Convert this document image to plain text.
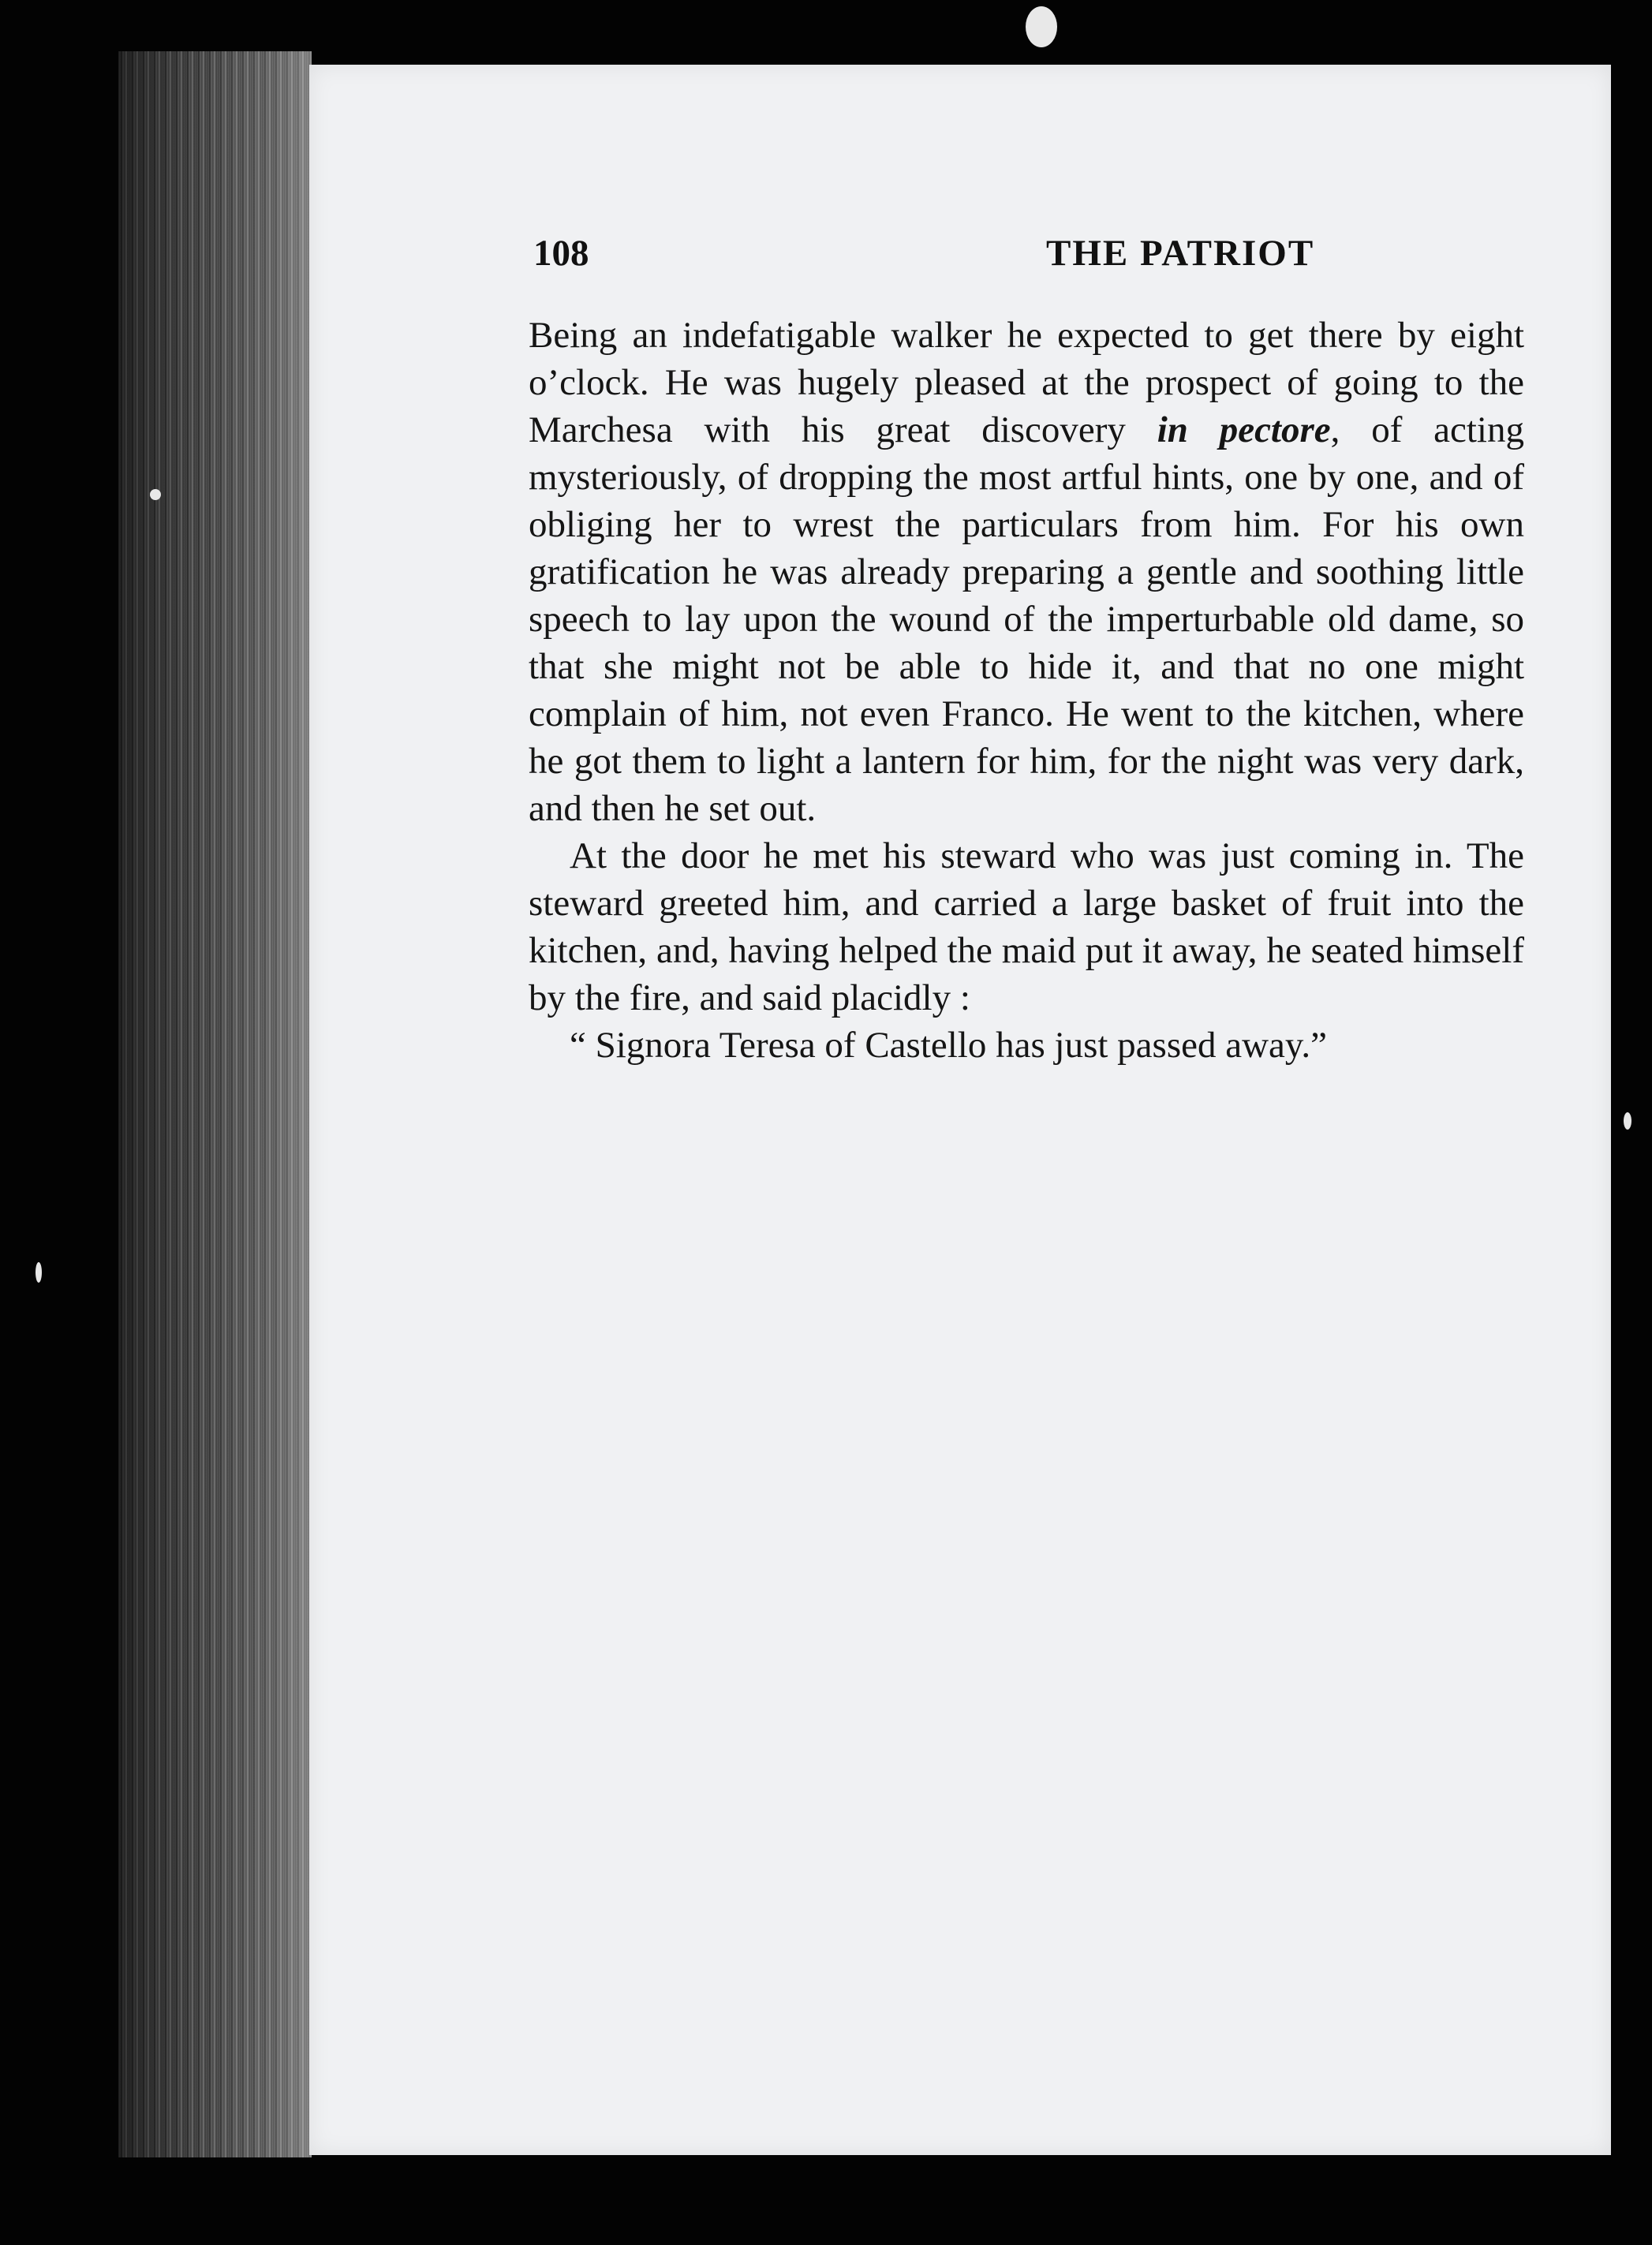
108	THE PATRIOT

Being an indefatigable walker he expected to get there by eight o’clock. He was hugely pleased at the prospect of going to the Marchesa with his great discovery in pectore, of acting mysteriously, of dropping the most artful hints, one by one, and of obliging her to wrest the particulars from him. For his own gratification he was already preparing a gentle and soothing little speech to lay upon the wound of the imperturbable old dame, so that she might not be able to hide it, and that no one might complain of him, not even Franco. He went to the kitchen, where he got them to light a lantern for him, for the night was very dark, and then he set out.

At the door he met his steward who was just coming in. The steward greeted him, and carried a large basket of fruit into the kitchen, and, having helped the maid put it away, he seated himself by the fire, and said placidly :

“ Signora Teresa of Castello has just passed away.”
